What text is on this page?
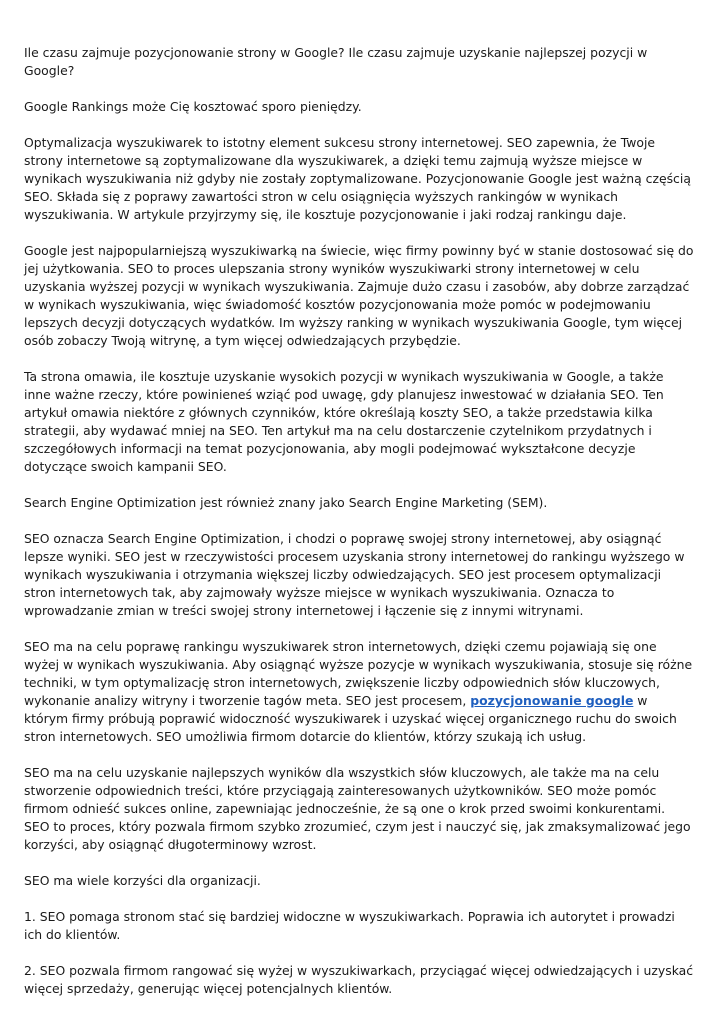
Ile czasu zajmuje pozycjonowanie strony w Google? Ile czasu zajmuje uzyskanie najlepszej pozycji w Google?

Google Rankings może Cię kosztować sporo pieniędzy.

Optymalizacja wyszukiwarek to istotny element sukcesu strony internetowej. SEO zapewnia, że Twoje strony internetowe są zoptymalizowane dla wyszukiwarek, a dzięki temu zajmują wyższe miejsce w wynikach wyszukiwania niż gdyby nie zostały zoptymalizowane. Pozycjonowanie Google jest ważną częścią SEO. Składa się z poprawy zawartości stron w celu osiągnięcia wyższych rankingów w wynikach wyszukiwania. W artykule przyjrzymy się, ile kosztuje pozycjonowanie i jaki rodzaj rankingu daje.

Google jest najpopularniejszą wyszukiwarką na świecie, więc firmy powinny być w stanie dostosować się do jej użytkowania. SEO to proces ulepszania strony wyników wyszukiwarki strony internetowej w celu uzyskania wyższej pozycji w wynikach wyszukiwania. Zajmuje dużo czasu i zasobów, aby dobrze zarządzać w wynikach wyszukiwania, więc świadomość kosztów pozycjonowania może pomóc w podejmowaniu lepszych decyzji dotyczących wydatków. Im wyższy ranking w wynikach wyszukiwania Google, tym więcej osób zobaczy Twoją witrynę, a tym więcej odwiedzających przybędzie.

Ta strona omawia, ile kosztuje uzyskanie wysokich pozycji w wynikach wyszukiwania w Google, a także inne ważne rzeczy, które powinieneś wziąć pod uwagę, gdy planujesz inwestować w działania SEO. Ten artykuł omawia niektóre z głównych czynników, które określają koszty SEO, a także przedstawia kilka strategii, aby wydawać mniej na SEO. Ten artykuł ma na celu dostarczenie czytelnikom przydatnych i szczegółowych informacji na temat pozycjonowania, aby mogli podejmować wykształcone decyzje dotyczące swoich kampanii SEO.

Search Engine Optimization jest również znany jako Search Engine Marketing (SEM).

SEO oznacza Search Engine Optimization, i chodzi o poprawę swojej strony internetowej, aby osiągnąć lepsze wyniki. SEO jest w rzeczywistości procesem uzyskania strony internetowej do rankingu wyższego w wynikach wyszukiwania i otrzymania większej liczby odwiedzających. SEO jest procesem optymalizacji stron internetowych tak, aby zajmowały wyższe miejsce w wynikach wyszukiwania. Oznacza to wprowadzanie zmian w treści swojej strony internetowej i łączenie się z innymi witrynami.

SEO ma na celu poprawę rankingu wyszukiwarek stron internetowych, dzięki czemu pojawiają się one wyżej w wynikach wyszukiwania. Aby osiągnąć wyższe pozycje w wynikach wyszukiwania, stosuje się różne techniki, w tym optymalizację stron internetowych, zwiększenie liczby odpowiednich słów kluczowych, wykonanie analizy witryny i tworzenie tagów meta. SEO jest procesem, pozycjonowanie google w którym firmy próbują poprawić widoczność wyszukiwarek i uzyskać więcej organicznego ruchu do swoich stron internetowych. SEO umożliwia firmom dotarcie do klientów, którzy szukają ich usług.

SEO ma na celu uzyskanie najlepszych wyników dla wszystkich słów kluczowych, ale także ma na celu stworzenie odpowiednich treści, które przyciągają zainteresowanych użytkowników. SEO może pomóc firmom odnieść sukces online, zapewniając jednocześnie, że są one o krok przed swoimi konkurentami. SEO to proces, który pozwala firmom szybko zrozumieć, czym jest i nauczyć się, jak zmaksymalizować jego korzyści, aby osiągnąć długoterminowy wzrost.

SEO ma wiele korzyści dla organizacji.

1. SEO pomaga stronom stać się bardziej widoczne w wyszukiwarkach. Poprawia ich autorytet i prowadzi ich do klientów.

2. SEO pozwala firmom rangować się wyżej w wyszukiwarkach, przyciągać więcej odwiedzających i uzyskać więcej sprzedaży, generując więcej potencjalnych klientów.
